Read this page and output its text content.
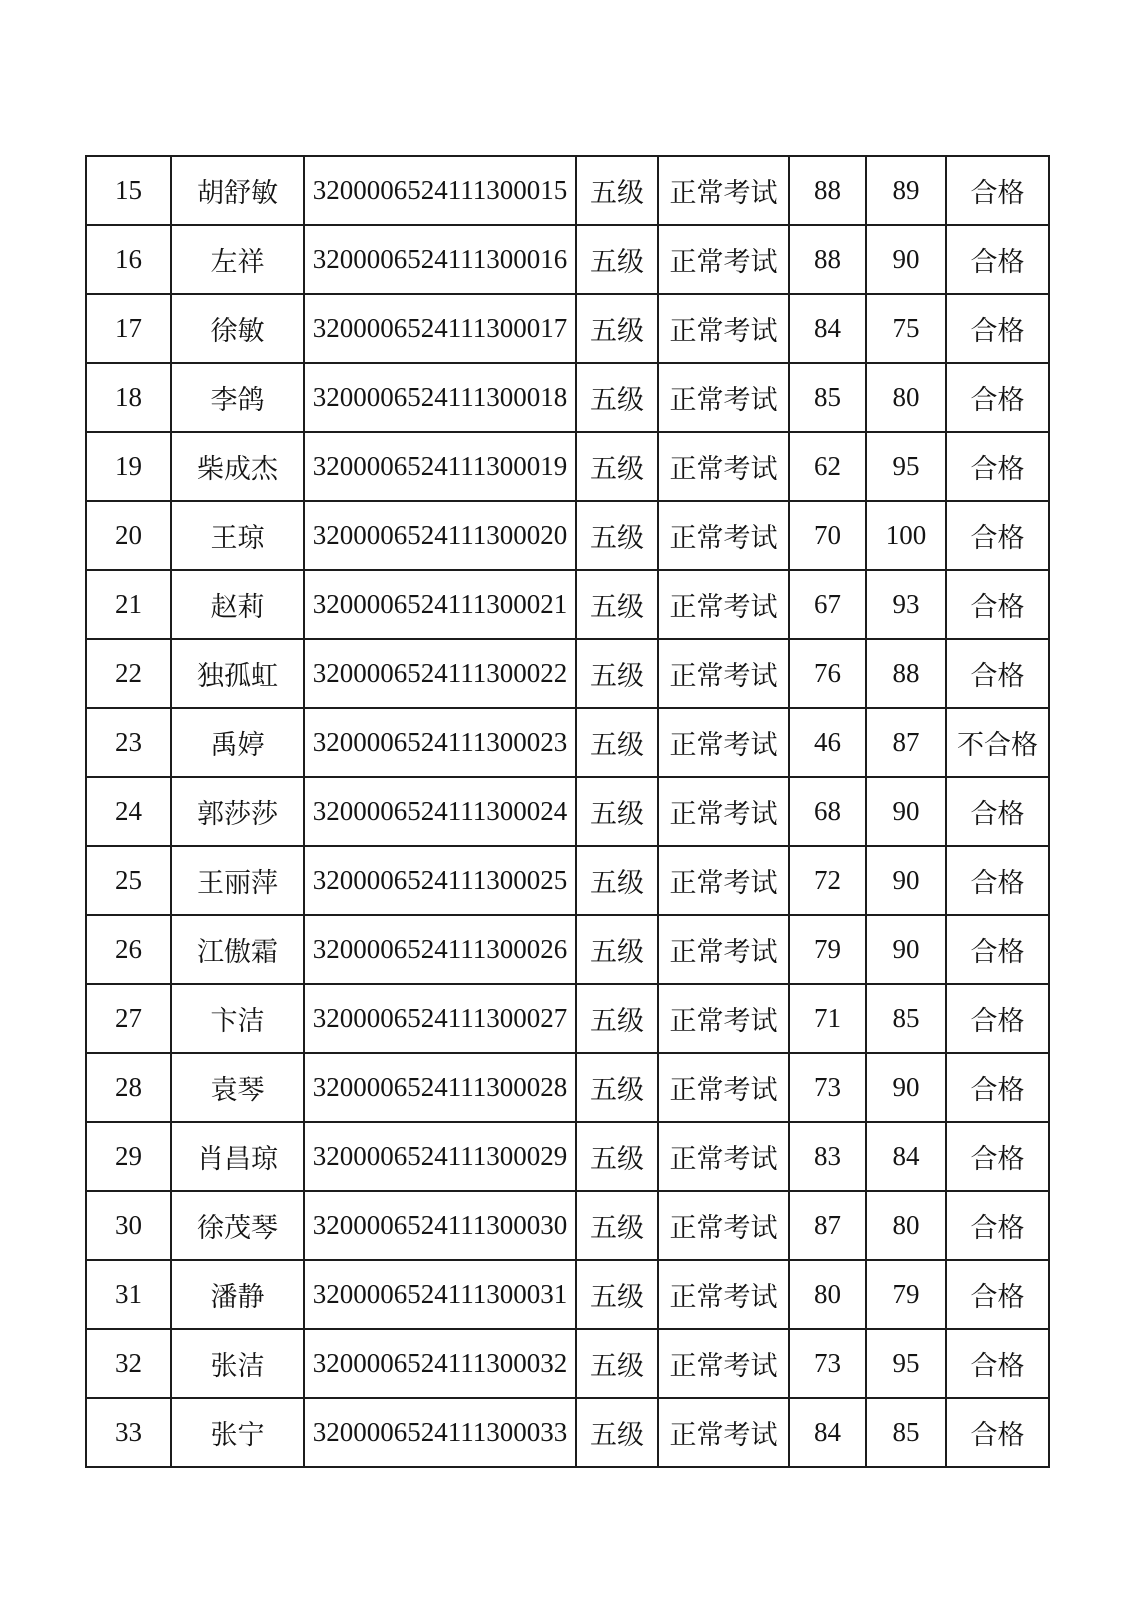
15	胡舒敏	3200006524111300015	五级	正常考试	88	89	合格
16	左祥	3200006524111300016	五级	正常考试	88	90	合格
17	徐敏	3200006524111300017	五级	正常考试	84	75	合格
18	李鸽	3200006524111300018	五级	正常考试	85	80	合格
19	柴成杰	3200006524111300019	五级	正常考试	62	95	合格
20	王琼	3200006524111300020	五级	正常考试	70	100	合格
21	赵莉	3200006524111300021	五级	正常考试	67	93	合格
22	独孤虹	3200006524111300022	五级	正常考试	76	88	合格
23	禹婷	3200006524111300023	五级	正常考试	46	87	不合格
24	郭莎莎	3200006524111300024	五级	正常考试	68	90	合格
25	王丽萍	3200006524111300025	五级	正常考试	72	90	合格
26	江傲霜	3200006524111300026	五级	正常考试	79	90	合格
27	卞洁	3200006524111300027	五级	正常考试	71	85	合格
28	袁琴	3200006524111300028	五级	正常考试	73	90	合格
29	肖昌琼	3200006524111300029	五级	正常考试	83	84	合格
30	徐茂琴	3200006524111300030	五级	正常考试	87	80	合格
31	潘静	3200006524111300031	五级	正常考试	80	79	合格
32	张洁	3200006524111300032	五级	正常考试	73	95	合格
33	张宁	3200006524111300033	五级	正常考试	84	85	合格
